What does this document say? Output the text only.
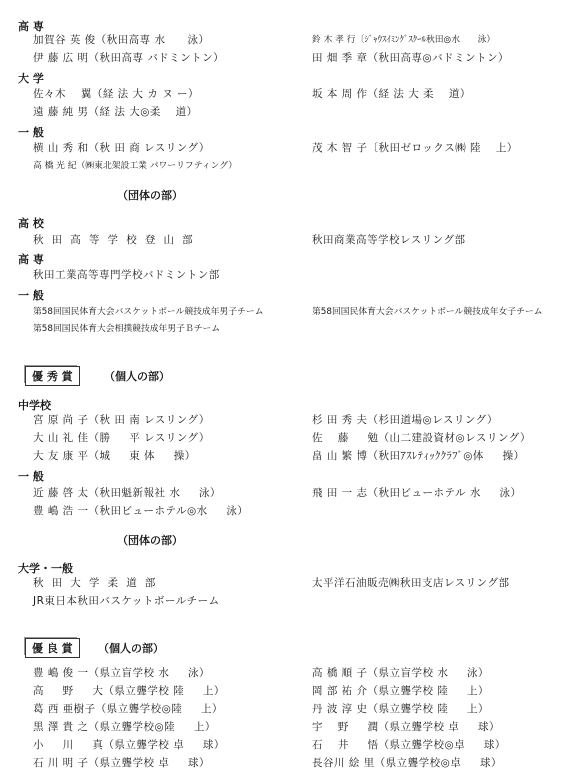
高 専
加賀谷 英 俊（秋田高専 水　　泳）	鈴 木 孝 行〔ｼﾞｬｳｽｲﾐﾝｸﾞｽｸｰﾙ秋田◎水　　泳）
伊 藤 広 明（秋田高専 バドミントン）	田 畑 季 章（秋田高専◎バドミントン）
大 学
佐々木 　翼（経 法 大 カ ヌ ー）	坂 本 周 作（経 法 大 柔 　道）
遠 藤 純 男（経 法 大◎柔 　道）
一 般
横 山 秀 和（秋 田 商 レスリング）	茂 木 智 子〔秋田ゼロックス㈱ 陸 　上）
高 橋 光 紀（㈱東北架設工業 パワーリフティング）
（団体の部）
高 校
秋 田 高 等 学 校 登 山 部	秋田商業高等学校レスリング部
高 専
秋田工業高等専門学校バドミントン部
一 般
第58回国民体育大会バスケットボール競技成年男子チーム	第58回国民体育大会バスケットボール競技成年女子チーム
第58回国民体育大会相撲競技成年男子Ｂチーム
優 秀 賞	（個人の部）
中学校
宮 原 尚 子（秋 田 南 レスリング）	杉 田 秀 夫（杉田道場◎レスリング）
大 山 礼 佳（勝 　 平 レスリング）	佐 　藤 　 勉（山二建設資材◎レスリング）
大 友 康 平（城 　 東 体 　 操）	畠 山 繁 博（秋田ｱｽﾚﾃｨｯｸｸﾗﾌﾞ◎体 　 操）
一 般
近 藤 啓 太（秋田魁新報社 水 　 泳）	飛 田 一 志（秋田ビューホテル 水 　 泳）
豊 嶋 浩 一（秋田ビューホテル◎水 　 泳）
（団体の部）
大学・一般
秋 田 大 学 柔 道 部	太平洋石油販売㈱秋田支店レスリング部
JR東日本秋田バスケットボールチーム
優 良 賞	（個人の部）
豊 嶋 俊 一（県立盲学校 水 　 泳）	高 橋 順 子（県立盲学校 水 　 泳）
高 　 野 　 大（県立聾学校 陸 　 上）	岡 部 祐 介（県立聾学校 陸 　 上）
葛 西 亜樹子（県立聾学校◎陸 　 上）	丹 波 淳 史（県立聾学校 陸 　 上）
黒 澤 貴 之（県立聾学校◎陸 　 上）	宇 　野 　 潤（県立聾学校 卓 　 球）
小 　 川 　 真（県立聾学校 卓 　 球）	石 　井 　 悟（県立聾学校◎卓 　 球）
石 川 明 子（県立聾学校 卓 　 球）	長谷川 絵 里（県立聾学校◎卓 　 球）
